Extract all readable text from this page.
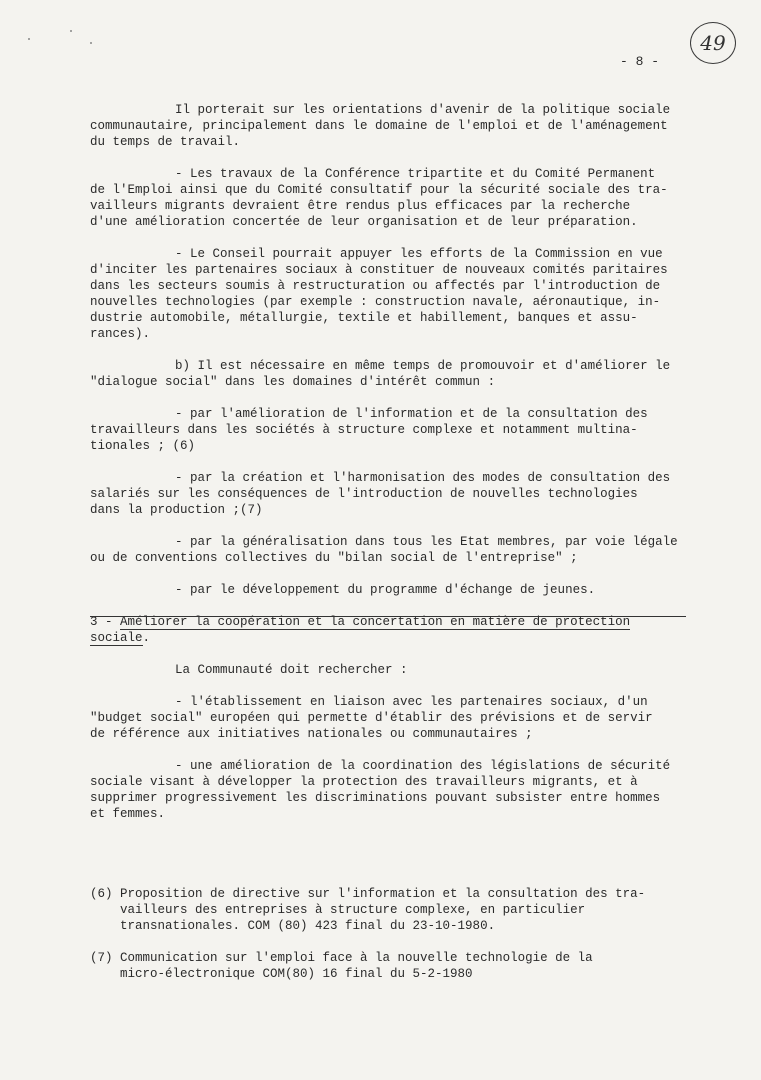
- 8 -
49
Il porterait sur les orientations d'avenir de la politique sociale
communautaire, principalement dans le domaine de l'emploi et de l'aménagement
du temps de travail.
- Les travaux de la Conférence tripartite et du Comité Permanent
de l'Emploi ainsi que du Comité consultatif pour la sécurité sociale des tra-
vailleurs migrants devraient être rendus plus efficaces par la recherche
d'une amélioration concertée de leur organisation et de leur préparation.
- Le Conseil pourrait appuyer les efforts de la Commission en vue
d'inciter les partenaires sociaux à constituer de nouveaux comités paritaires
dans les secteurs soumis à restructuration ou affectés par l'introduction de
nouvelles technologies (par exemple : construction navale, aéronautique, in-
dustrie automobile, métallurgie, textile et habillement, banques et assu-
rances).
b) Il est nécessaire en même temps de promouvoir et d'améliorer le
"dialogue social" dans les domaines d'intérêt commun :
- par l'amélioration de l'information et de la consultation des
travailleurs dans les sociétés à structure complexe et notamment multina-
tionales ; (6)
- par la création et l'harmonisation des modes de consultation des
salariés sur les conséquences de l'introduction de nouvelles technologies
dans la production ;(7)
- par la généralisation dans tous les Etat membres, par voie légale
ou de conventions collectives du "bilan social de l'entreprise" ;
- par le développement du programme d'échange de jeunes.
3 - Améliorer la coopération et la concertation en matière de protection
sociale.
La Communauté doit rechercher :
- l'établissement en liaison avec les partenaires sociaux, d'un
"budget social" européen qui permette d'établir des prévisions et de servir
de référence aux initiatives nationales ou communautaires ;
- une amélioration de la coordination des législations de sécurité
sociale visant à développer la protection des travailleurs migrants, et à
supprimer progressivement les discriminations pouvant subsister entre hommes
et femmes.
(6) Proposition de directive sur l'information et la consultation des tra-
vailleurs des entreprises à structure complexe, en particulier
transnationales. COM (80) 423 final du 23-10-1980.
(7) Communication sur l'emploi face à la nouvelle technologie de la
micro-électronique COM(80) 16 final du 5-2-1980
